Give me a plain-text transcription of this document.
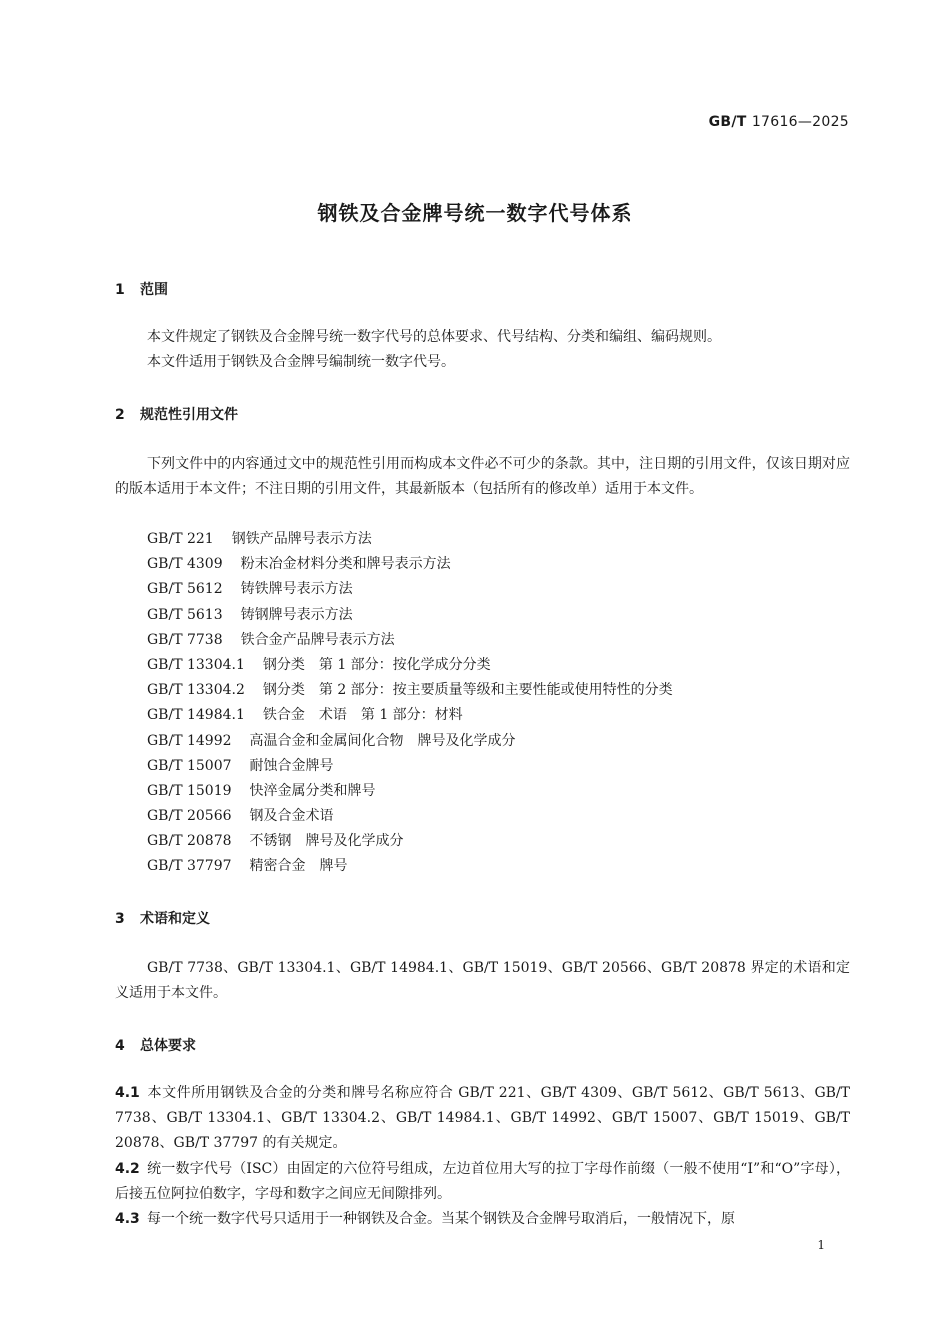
GB/T 17616—2025
钢铁及合金牌号统一数字代号体系
1 范围

本文件规定了钢铁及合金牌号统一数字代号的总体要求、代号结构、分类和编组、编码规则。

本文件适用于钢铁及合金牌号编制统一数字代号。

2 规范性引用文件

下列文件中的内容通过文中的规范性引用而构成本文件必不可少的条款。其中，注日期的引用文件，仅该日期对应的版本适用于本文件；不注日期的引用文件，其最新版本（包括所有的修改单）适用于本文件。

GB/T 221 钢铁产品牌号表示方法
GB/T 4309 粉末冶金材料分类和牌号表示方法
GB/T 5612 铸铁牌号表示方法
GB/T 5613 铸钢牌号表示方法
GB/T 7738 铁合金产品牌号表示方法
GB/T 13304.1 钢分类　第 1 部分：按化学成分分类
GB/T 13304.2 钢分类　第 2 部分：按主要质量等级和主要性能或使用特性的分类
GB/T 14984.1 铁合金　术语　第 1 部分：材料
GB/T 14992 高温合金和金属间化合物　牌号及化学成分
GB/T 15007 耐蚀合金牌号
GB/T 15019 快淬金属分类和牌号
GB/T 20566 钢及合金术语
GB/T 20878 不锈钢　牌号及化学成分
GB/T 37797 精密合金　牌号
3 术语和定义

GB/T 7738、GB/T 13304.1、GB/T 14984.1、GB/T 15019、GB/T 20566、GB/T 20878 界定的术语和定义适用于本文件。

4 总体要求

4.1 本文件所用钢铁及合金的分类和牌号名称应符合 GB/T 221、GB/T 4309、GB/T 5612、GB/T 5613、GB/T 7738、GB/T 13304.1、GB/T 13304.2、GB/T 14984.1、GB/T 14992、GB/T 15007、GB/T 15019、GB/T 20878、GB/T 37797 的有关规定。

4.2 统一数字代号（ISC）由固定的六位符号组成，左边首位用大写的拉丁字母作前缀（一般不使用“I”和“O”字母），后接五位阿拉伯数字，字母和数字之间应无间隙排列。

4.3 每一个统一数字代号只适用于一种钢铁及合金。当某个钢铁及合金牌号取消后，一般情况下，原

1
